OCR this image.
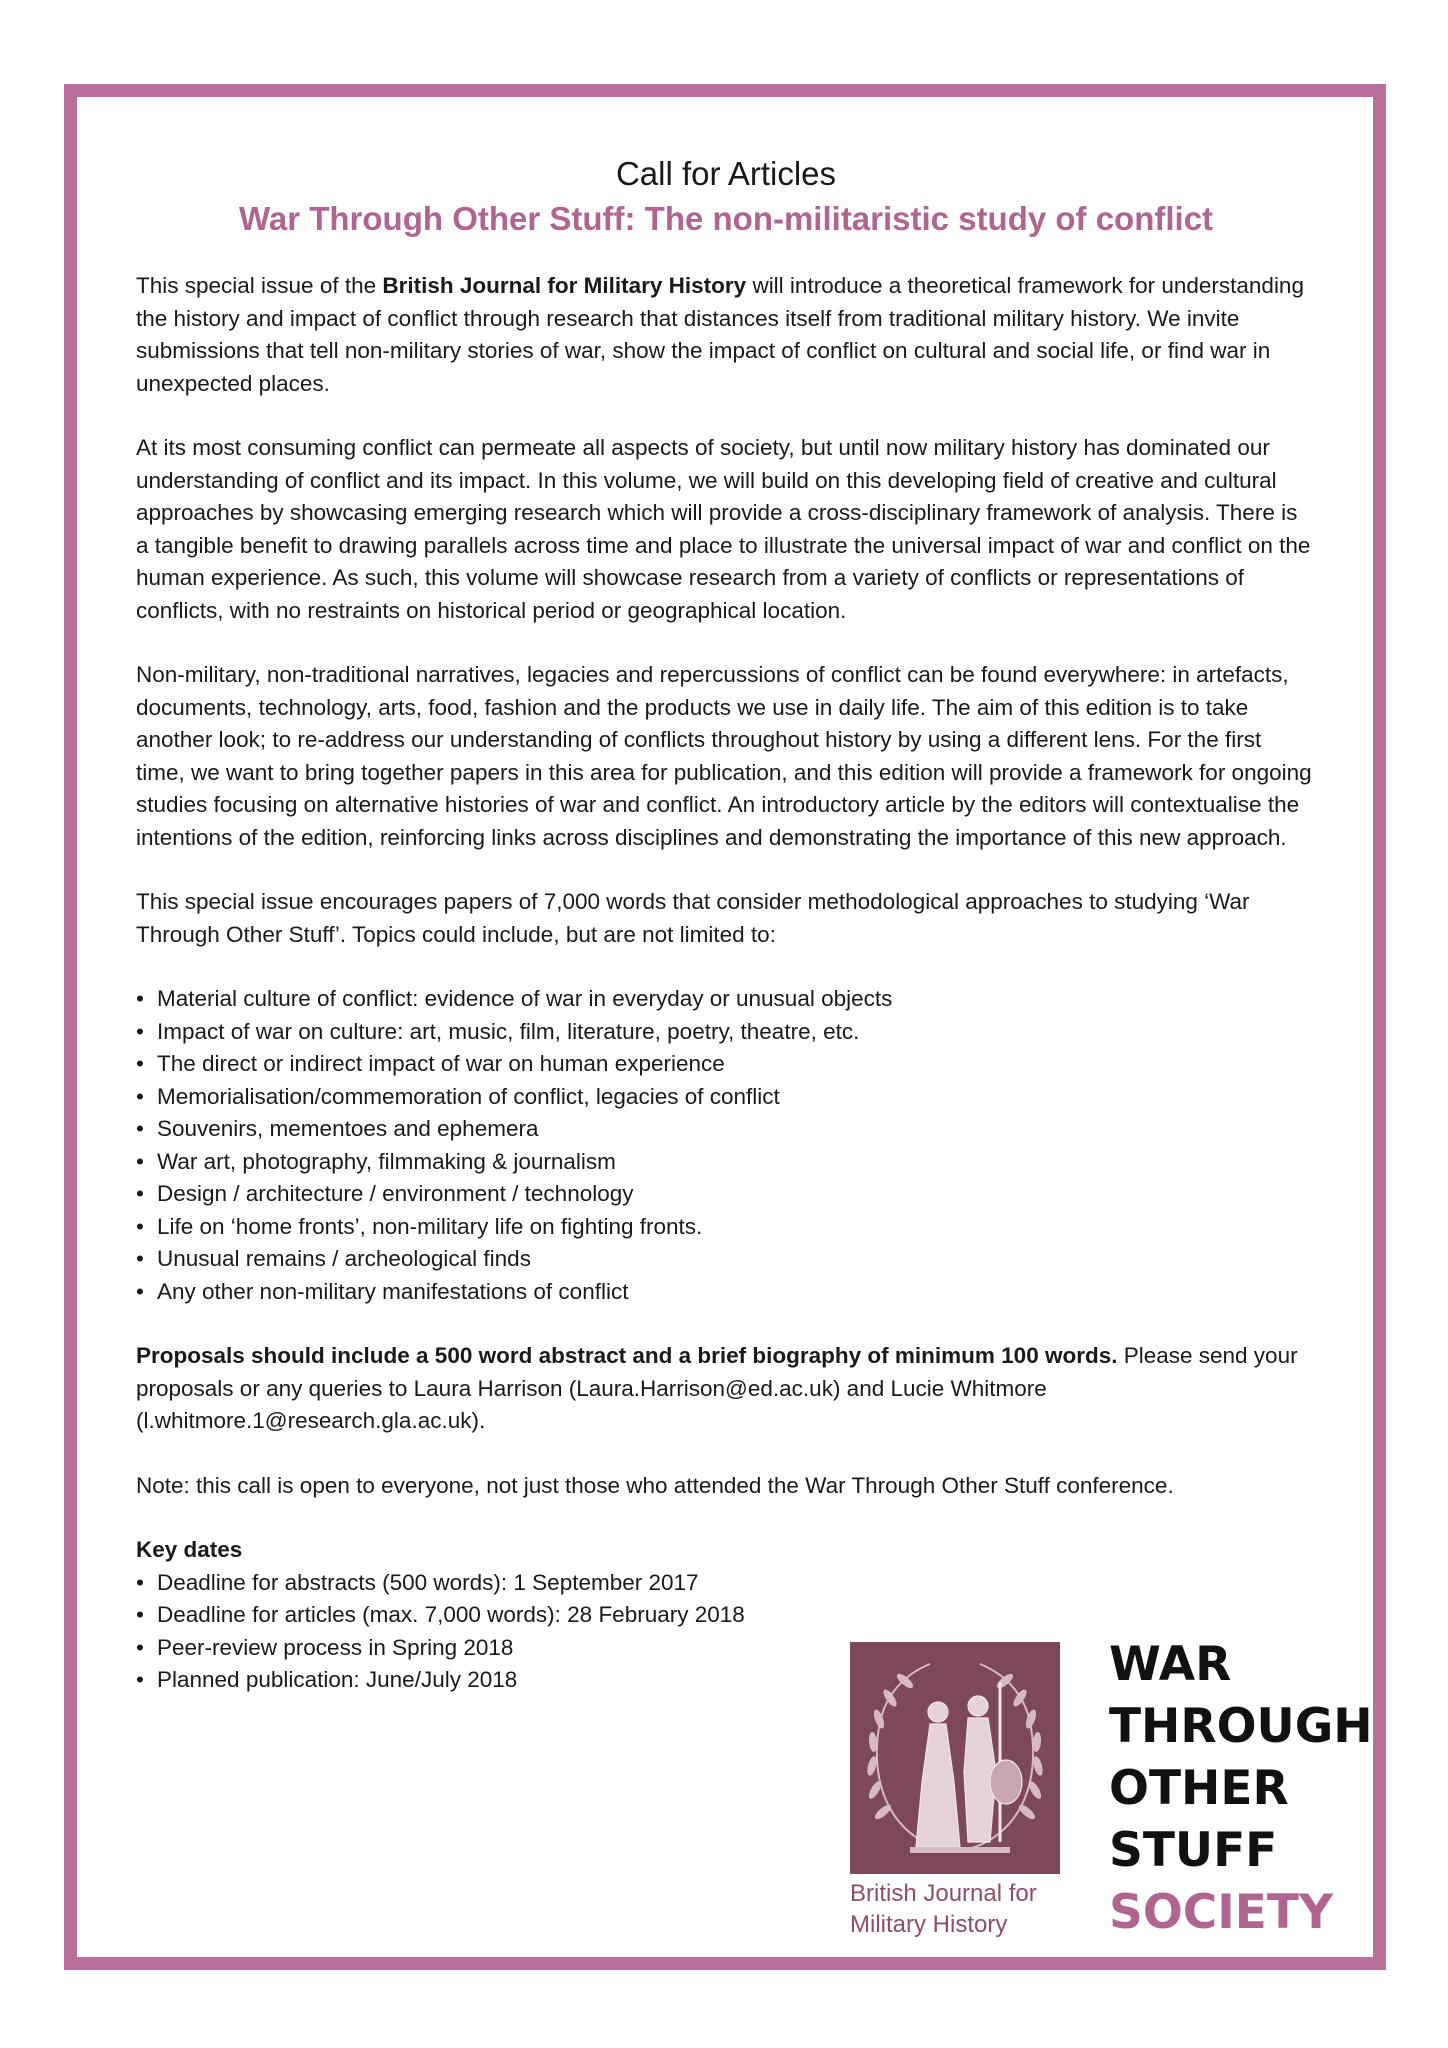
Call for Articles
War Through Other Stuff: The non-militaristic study of conflict

This special issue of the British Journal for Military History will introduce a theoretical framework for understanding the history and impact of conflict through research that distances itself from traditional military history. We invite submissions that tell non-military stories of war, show the impact of conflict on cultural and social life, or find war in unexpected places.

At its most consuming conflict can permeate all aspects of society, but until now military history has dominated our understanding of conflict and its impact. In this volume, we will build on this developing field of creative and cultural approaches by showcasing emerging research which will provide a cross-disciplinary framework of analysis. There is a tangible benefit to drawing parallels across time and place to illustrate the universal impact of war and conflict on the human experience. As such, this volume will showcase research from a variety of conflicts or representations of conflicts, with no restraints on historical period or geographical location.

Non-military, non-traditional narratives, legacies and repercussions of conflict can be found everywhere: in artefacts, documents, technology, arts, food, fashion and the products we use in daily life. The aim of this edition is to take another look; to re-address our understanding of conflicts throughout history by using a different lens. For the first time, we want to bring together papers in this area for publication, and this edition will provide a framework for ongoing studies focusing on alternative histories of war and conflict. An introductory article by the editors will contextualise the intentions of the edition, reinforcing links across disciplines and demonstrating the importance of this new approach.

This special issue encourages papers of 7,000 words that consider methodological approaches to studying ‘War Through Other Stuff’. Topics could include, but are not limited to:

• Material culture of conflict: evidence of war in everyday or unusual objects
• Impact of war on culture: art, music, film, literature, poetry, theatre, etc.
• The direct or indirect impact of war on human experience
• Memorialisation/commemoration of conflict, legacies of conflict
• Souvenirs, mementoes and ephemera
• War art, photography, filmmaking & journalism
• Design / architecture / environment / technology
• Life on ‘home fronts’, non-military life on fighting fronts.
• Unusual remains / archeological finds
• Any other non-military manifestations of conflict

Proposals should include a 500 word abstract and a brief biography of minimum 100 words. Please send your proposals or any queries to Laura Harrison (Laura.Harrison@ed.ac.uk) and Lucie Whitmore (l.whitmore.1@research.gla.ac.uk).

Note: this call is open to everyone, not just those who attended the War Through Other Stuff conference.

Key dates

• Deadline for abstracts (500 words): 1 September 2017
• Deadline for articles (max. 7,000 words): 28 February 2018
• Peer-review process in Spring 2018
• Planned publication: June/July 2018
British Journal for
Military History
WAR
THROUGH
OTHER
STUFF
SOCIETY
